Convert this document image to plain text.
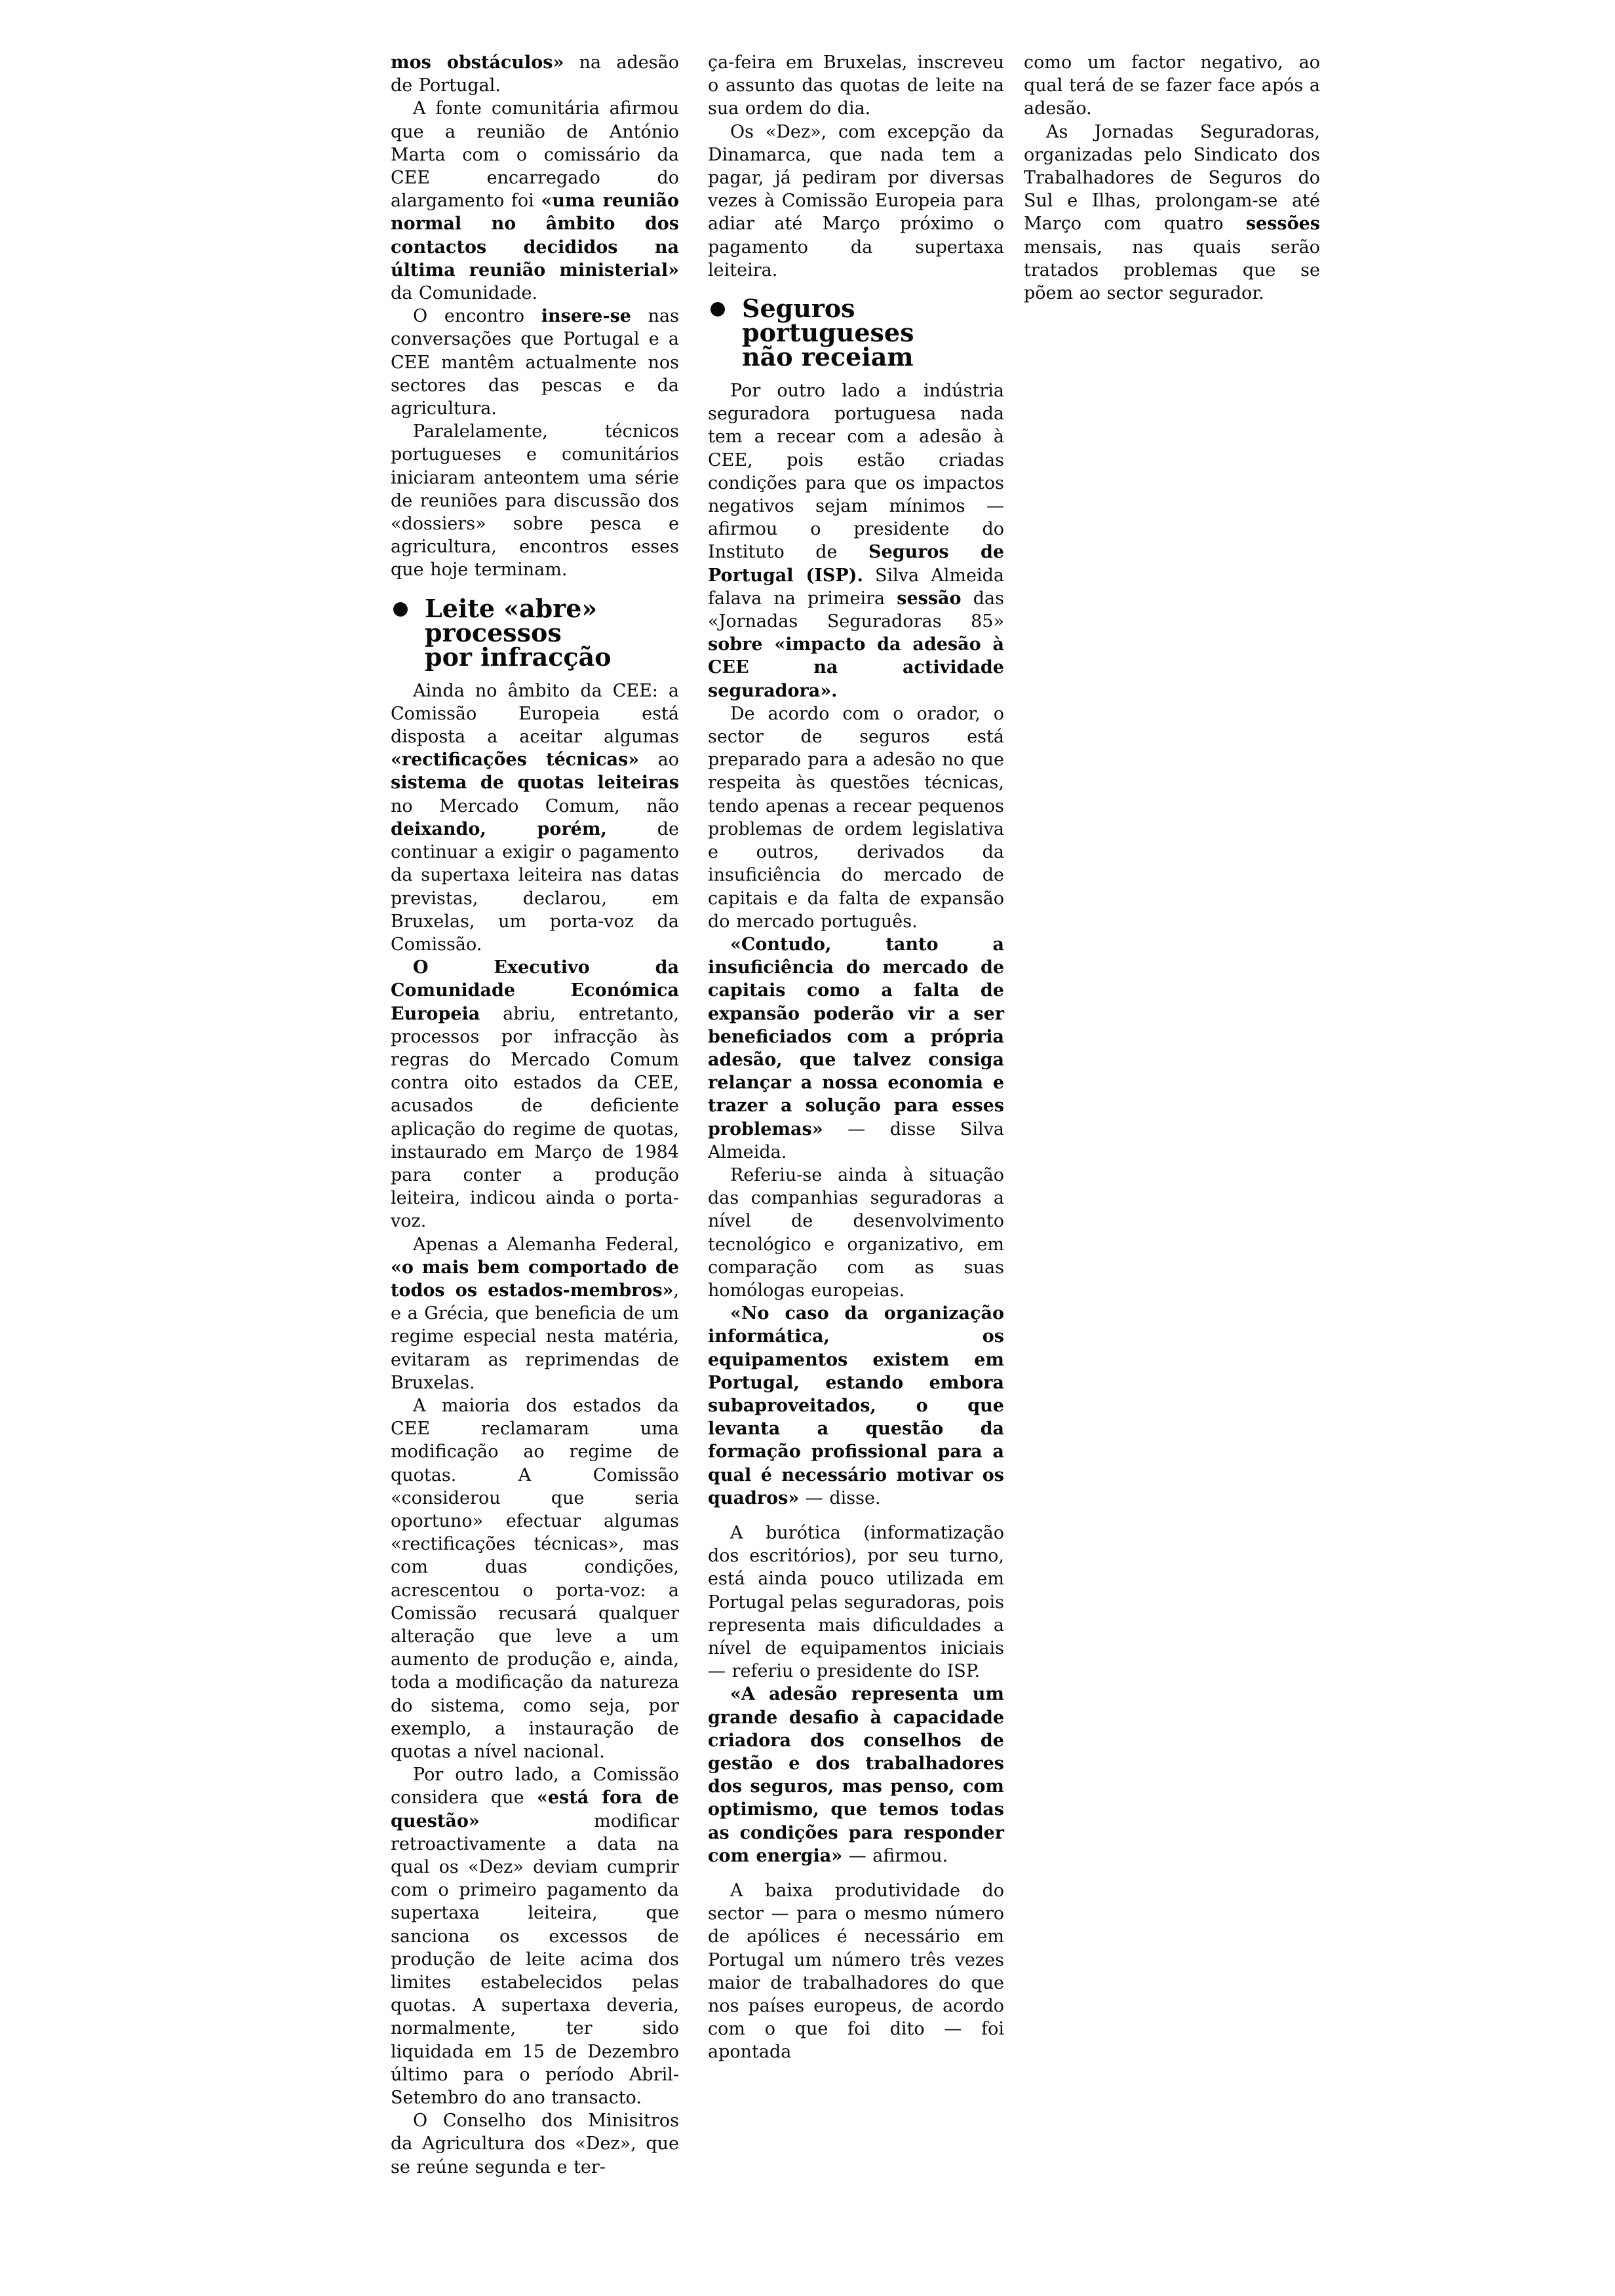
mos obstáculos» na adesão de Portugal.

A fonte comunitária afirmou que a reunião de António Marta com o comissário da CEE encarregado do alargamento foi «uma reunião normal no âmbito dos contactos decididos na última reunião ministerial» da Comunidade.

O encontro insere-se nas conversações que Portugal e a CEE mantêm actualmente nos sectores das pescas e da agricultura.

Paralelamente, técnicos portugueses e comunitários iniciaram anteontem uma série de reuniões para discussão dos «dossiers» sobre pesca e agricultura, encontros esses que hoje terminam.

Leite «abre»
processos
por infracção

Ainda no âmbito da CEE: a Comissão Europeia está disposta a aceitar algumas «rectificações técnicas» ao sistema de quotas leiteiras no Mercado Comum, não deixando, porém, de continuar a exigir o pagamento da supertaxa leiteira nas datas previstas, declarou, em Bruxelas, um porta-voz da Comissão.

O Executivo da Comunidade Económica Europeia abriu, entretanto, processos por infracção às regras do Mercado Comum contra oito estados da CEE, acusados de deficiente aplicação do regime de quotas, instaurado em Março de 1984 para conter a produção leiteira, indicou ainda o porta-voz.

Apenas a Alemanha Federal, «o mais bem comportado de todos os estados-membros», e a Grécia, que beneficia de um regime especial nesta matéria, evitaram as reprimendas de Bruxelas.

A maioria dos estados da CEE reclamaram uma modificação ao regime de quotas. A Comissão «considerou que seria oportuno» efectuar algumas «rectificações técnicas», mas com duas condições, acrescentou o porta-voz: a Comissão recusará qualquer alteração que leve a um aumento de produção e, ainda, toda a modificação da natureza do sistema, como seja, por exemplo, a instauração de quotas a nível nacional.

Por outro lado, a Comissão considera que «está fora de questão» modificar retroactivamente a data na qual os «Dez» deviam cumprir com o primeiro pagamento da supertaxa leiteira, que sanciona os excessos de produção de leite acima dos limites estabelecidos pelas quotas. A supertaxa deveria, normalmente, ter sido liquidada em 15 de Dezembro último para o período Abril-Setembro do ano transacto.

O Conselho dos Minisitros da Agricultura dos «Dez», que se reúne segunda e ter-

ça-feira em Bruxelas, inscreveu o assunto das quotas de leite na sua ordem do dia.

Os «Dez», com excepção da Dinamarca, que nada tem a pagar, já pediram por diversas vezes à Comissão Europeia para adiar até Março próximo o pagamento da supertaxa leiteira.

Seguros
portugueses
não receiam

Por outro lado a indústria seguradora portuguesa nada tem a recear com a adesão à CEE, pois estão criadas condições para que os impactos negativos sejam mínimos — afirmou o presidente do Instituto de Seguros de Portugal (ISP). Silva Almeida falava na primeira sessão das «Jornadas Seguradoras 85» sobre «impacto da adesão à CEE na actividade seguradora».

De acordo com o orador, o sector de seguros está preparado para a adesão no que respeita às questões técnicas, tendo apenas a recear pequenos problemas de ordem legislativa e outros, derivados da insuficiência do mercado de capitais e da falta de expansão do mercado português.

«Contudo, tanto a insuficiência do mercado de capitais como a falta de expansão poderão vir a ser beneficiados com a própria adesão, que talvez consiga relançar a nossa economia e trazer a solução para esses problemas» — disse Silva Almeida.

Referiu-se ainda à situação das companhias seguradoras a nível de desenvolvimento tecnológico e organizativo, em comparação com as suas homólogas europeias.

«No caso da organização informática, os equipamentos existem em Portugal, estando embora subaproveitados, o que levanta a questão da formação profissional para a qual é necessário motivar os quadros» — disse.

A burótica (informatização dos escritórios), por seu turno, está ainda pouco utilizada em Portugal pelas seguradoras, pois representa mais dificuldades a nível de equipamentos iniciais — referiu o presidente do ISP.

«A adesão representa um grande desafio à capacidade criadora dos conselhos de gestão e dos trabalhadores dos seguros, mas penso, com optimismo, que temos todas as condições para responder com energia» — afirmou.

A baixa produtividade do sector — para o mesmo número de apólices é necessário em Portugal um número três vezes maior de trabalhadores do que nos países europeus, de acordo com o que foi dito — foi apontada

como um factor negativo, ao qual terá de se fazer face após a adesão.

As Jornadas Seguradoras, organizadas pelo Sindicato dos Trabalhadores de Seguros do Sul e Ilhas, prolongam-se até Março com quatro sessões mensais, nas quais serão tratados problemas que se põem ao sector segurador.
